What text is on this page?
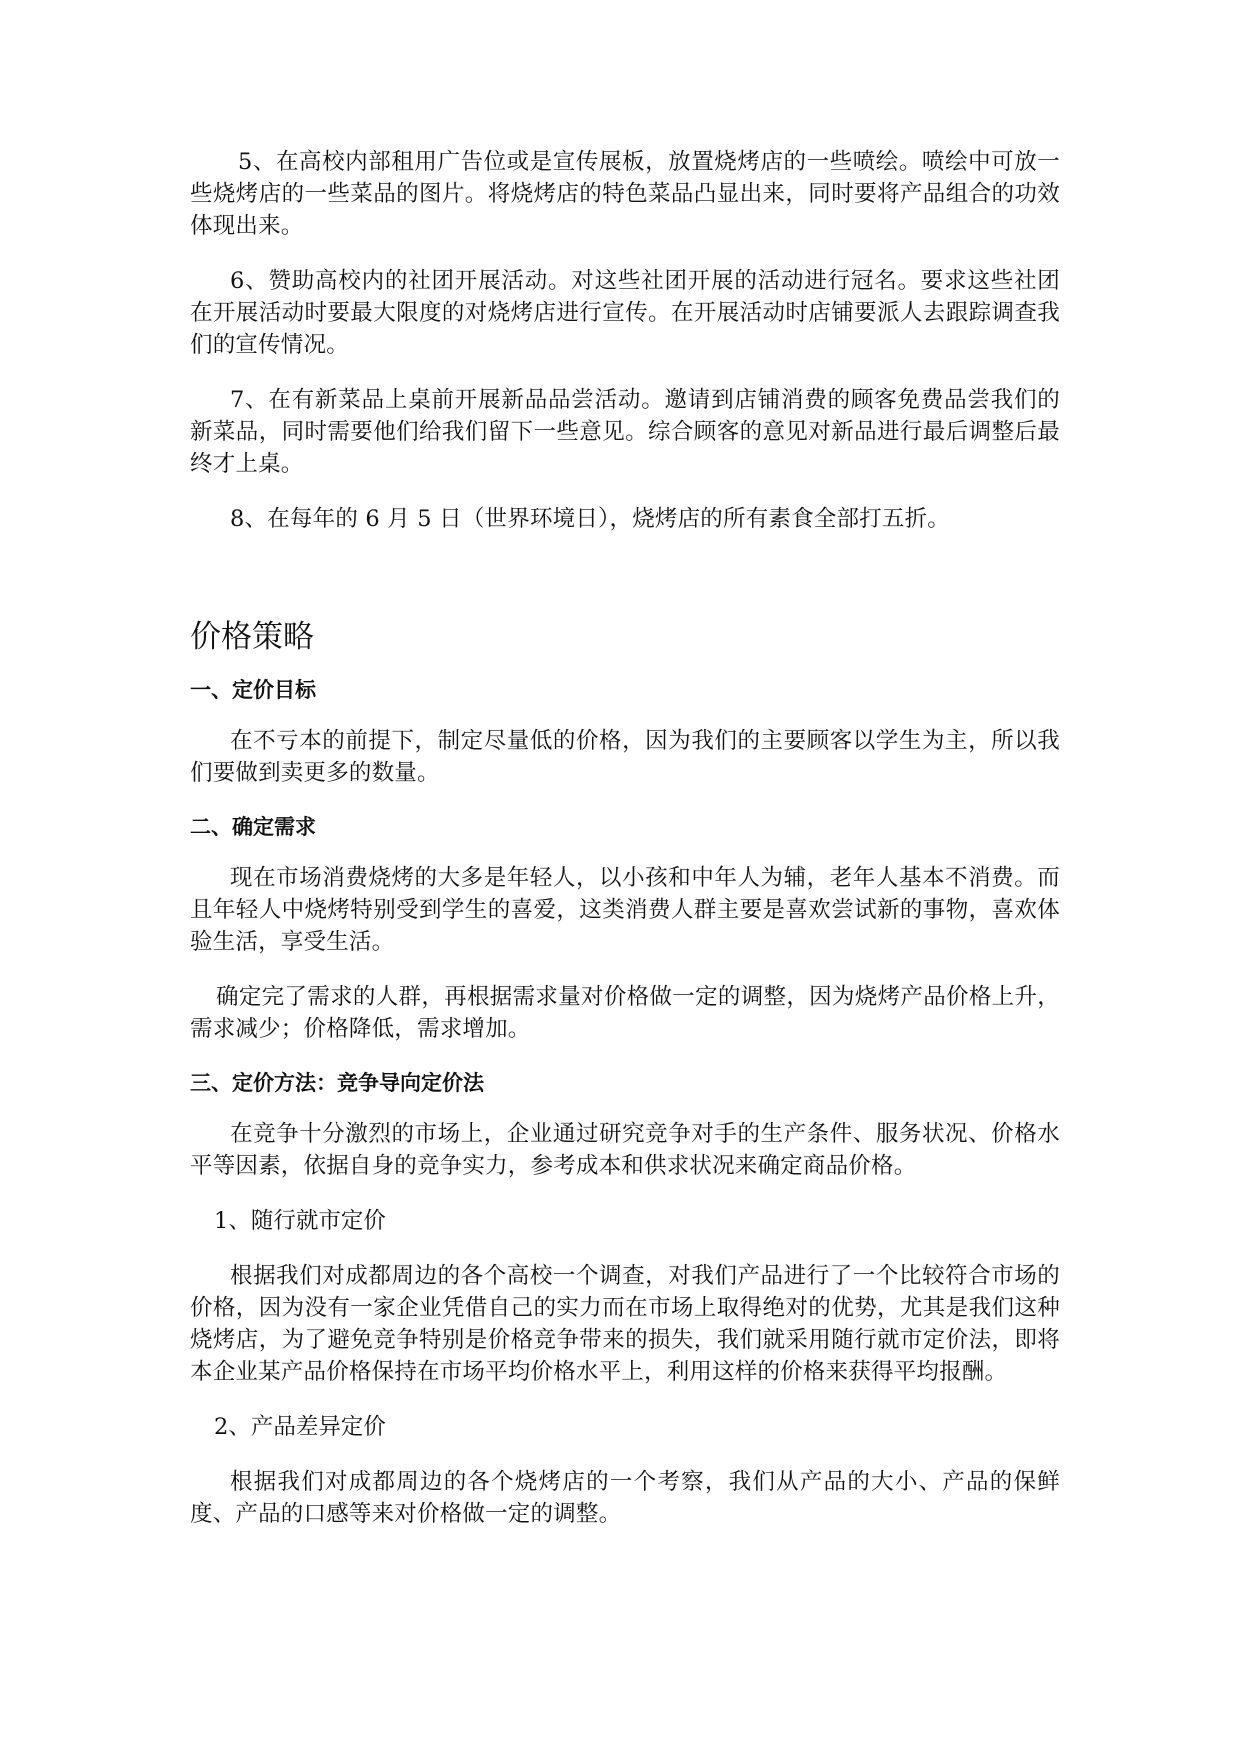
5、在高校内部租用广告位或是宣传展板，放置烧烤店的一些喷绘。喷绘中可放一些烧烤店的一些菜品的图片。将烧烤店的特色菜品凸显出来，同时要将产品组合的功效体现出来。

6、赞助高校内的社团开展活动。对这些社团开展的活动进行冠名。要求这些社团在开展活动时要最大限度的对烧烤店进行宣传。在开展活动时店铺要派人去跟踪调查我们的宣传情况。

7、在有新菜品上桌前开展新品品尝活动。邀请到店铺消费的顾客免费品尝我们的新菜品，同时需要他们给我们留下一些意见。综合顾客的意见对新品进行最后调整后最终才上桌。

8、在每年的 6 月 5 日（世界环境日），烧烤店的所有素食全部打五折。

价格策略
一、定价目标

在不亏本的前提下，制定尽量低的价格，因为我们的主要顾客以学生为主，所以我们要做到卖更多的数量。

二、确定需求

现在市场消费烧烤的大多是年轻人，以小孩和中年人为辅，老年人基本不消费。而且年轻人中烧烤特别受到学生的喜爱，这类消费人群主要是喜欢尝试新的事物，喜欢体验生活，享受生活。

确定完了需求的人群，再根据需求量对价格做一定的调整，因为烧烤产品价格上升，需求减少；价格降低，需求增加。

三、定价方法：竞争导向定价法

在竞争十分激烈的市场上，企业通过研究竞争对手的生产条件、服务状况、价格水平等因素，依据自身的竞争实力，参考成本和供求状况来确定商品价格。

1、随行就市定价

根据我们对成都周边的各个高校一个调查，对我们产品进行了一个比较符合市场的价格，因为没有一家企业凭借自己的实力而在市场上取得绝对的优势，尤其是我们这种烧烤店，为了避免竞争特别是价格竞争带来的损失，我们就采用随行就市定价法，即将本企业某产品价格保持在市场平均价格水平上，利用这样的价格来获得平均报酬。

2、产品差异定价

根据我们对成都周边的各个烧烤店的一个考察，我们从产品的大小、产品的保鲜度、产品的口感等来对价格做一定的调整。
